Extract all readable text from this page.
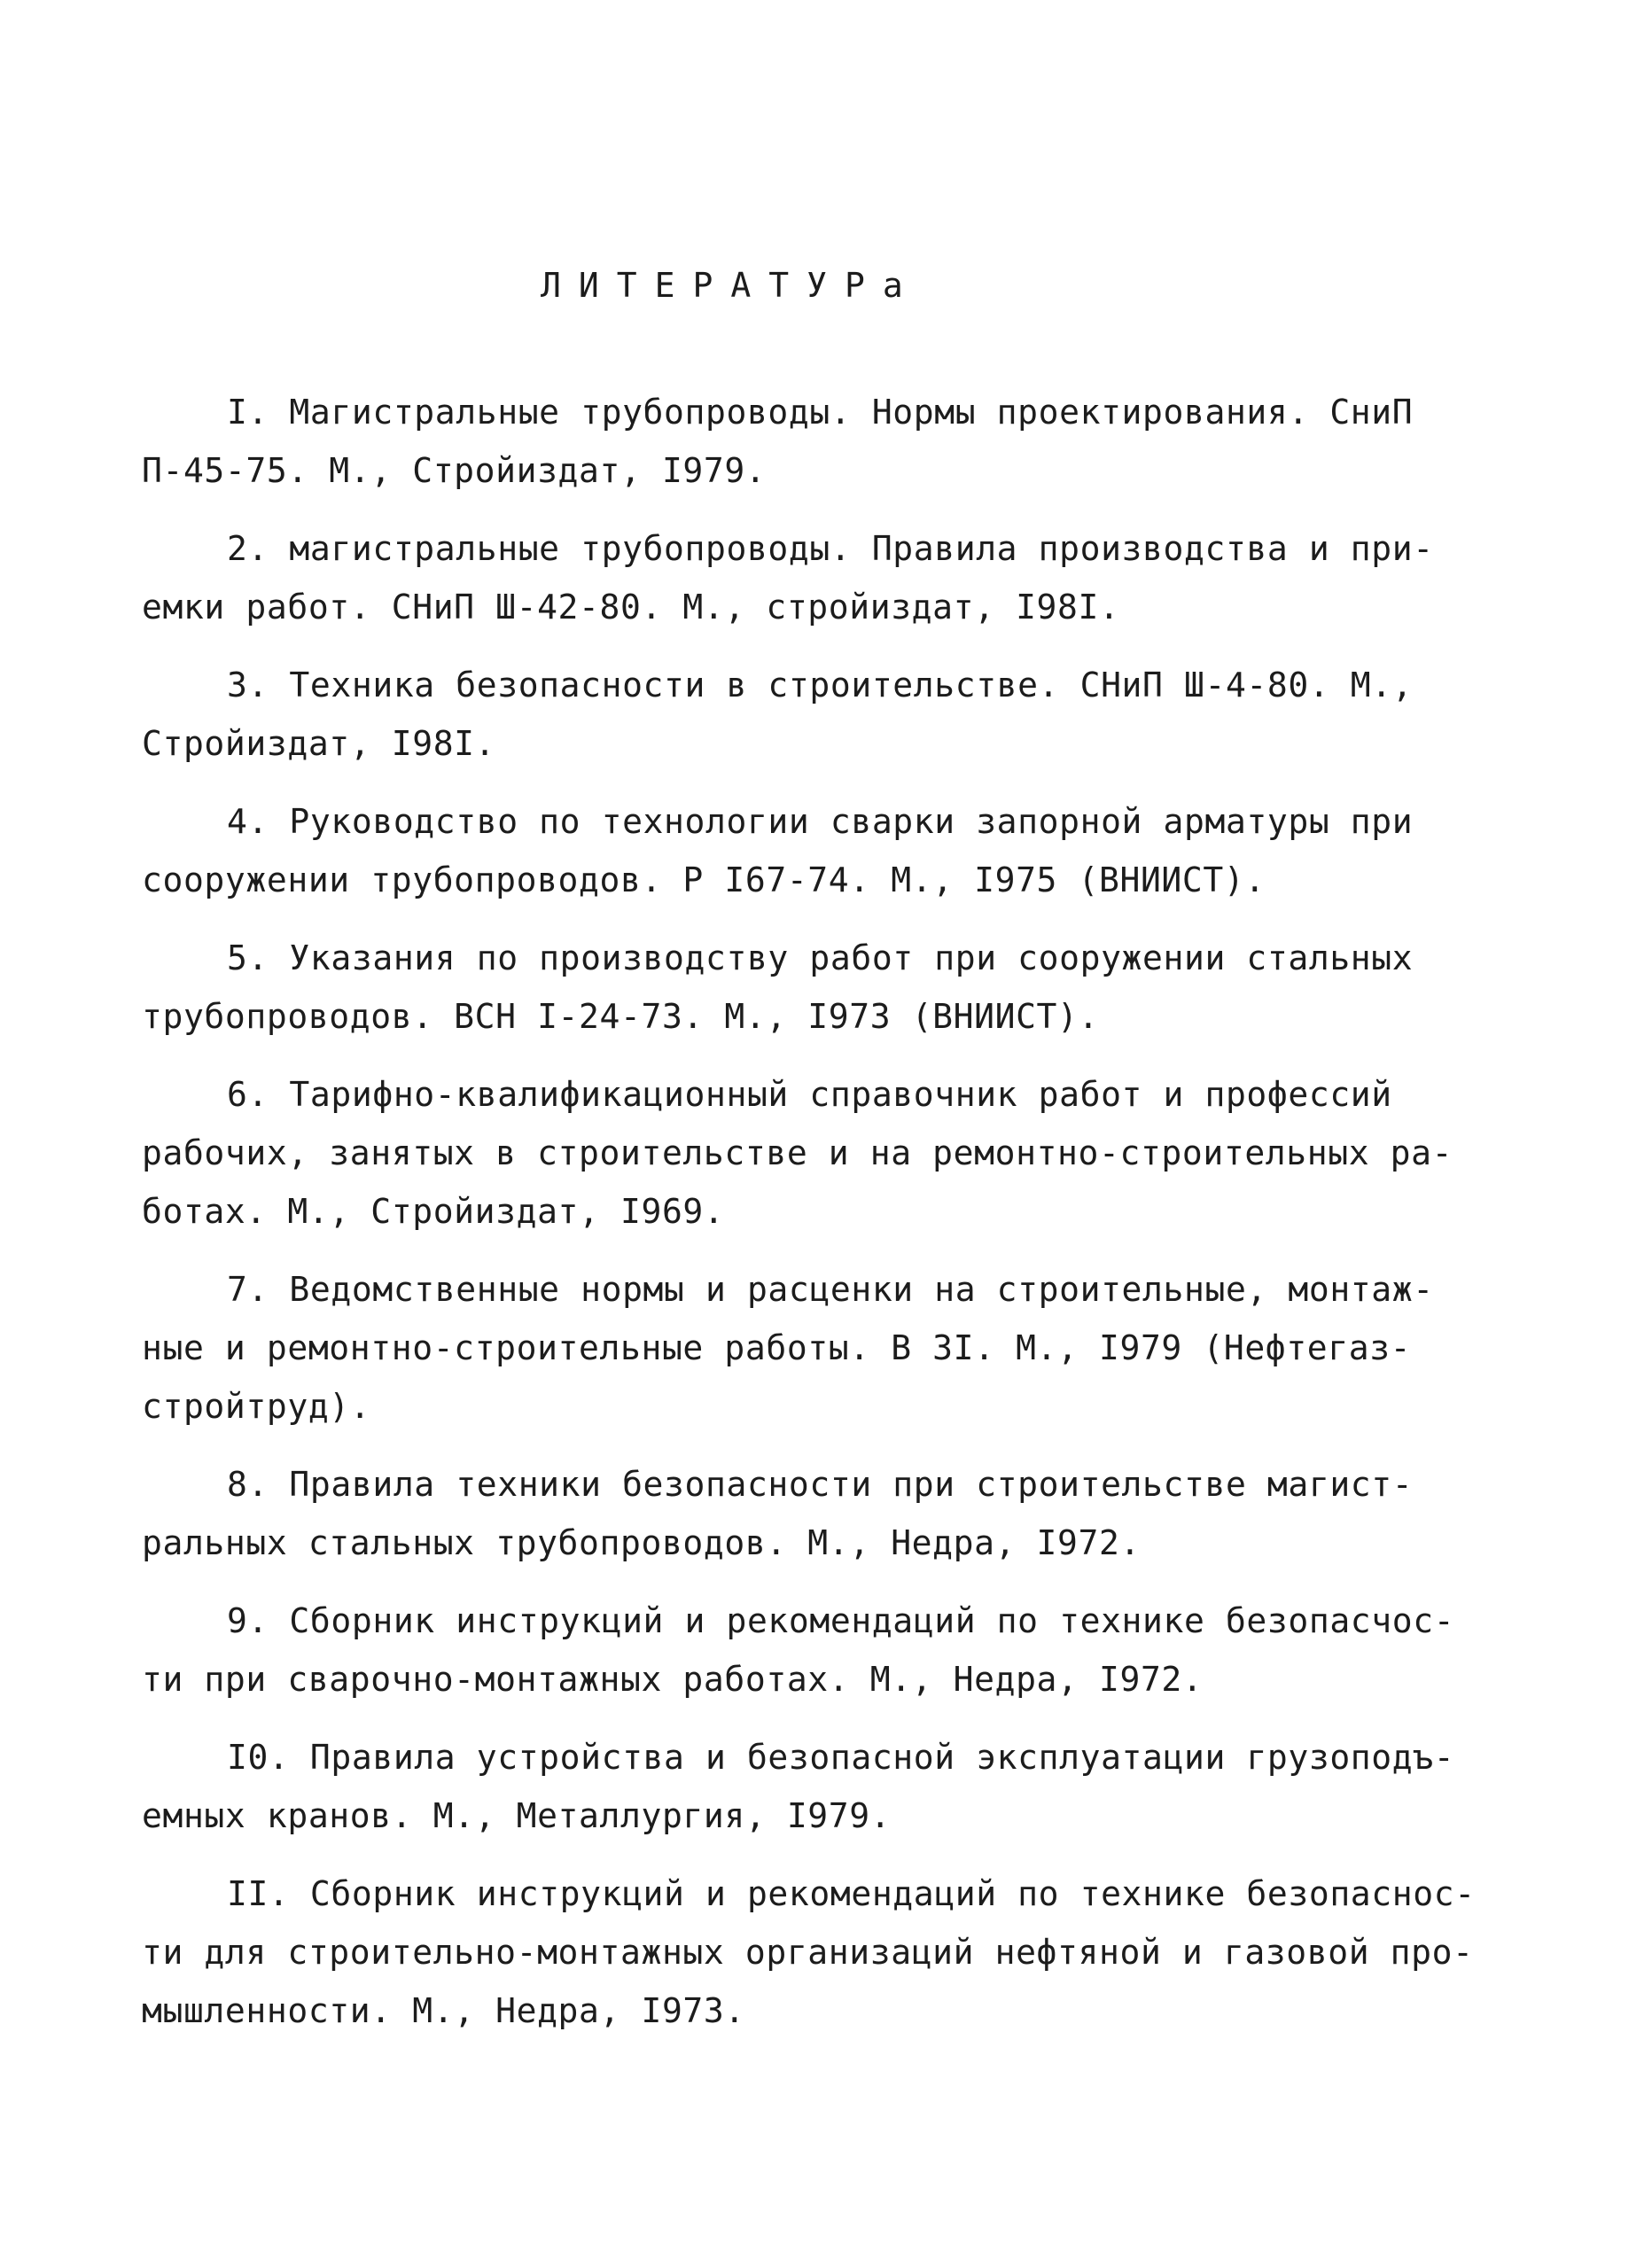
ЛИТЕРАТУРа
I. Магистральные трубопроводы. Нормы проектирования. СниП
П-45-75. М., Стройиздат, I979.
2. магистральные трубопроводы. Правила производства и при-
емки работ. СНиП Ш-42-80. М., стройиздат, I98I.
3. Техника безопасности в строительстве. СНиП Ш-4-80. М.,
Стройиздат, I98I.
4. Руководство по технологии сварки запорной арматуры при
сооружении трубопроводов. Р I67-74. М., I975 (ВНИИСТ).
5. Указания по производству работ при сооружении стальных
трубопроводов. ВСН I-24-73. М., I973 (ВНИИСТ).
6. Тарифно-квалификационный справочник работ и профессий
рабочих, занятых в строительстве и на ремонтно-строительных ра-
ботах. М., Стройиздат, I969.
7. Ведомственные нормы и расценки на строительные, монтаж-
ные и ремонтно-строительные работы. В 3I. М., I979 (Нефтегаз-
стройтруд).
8. Правила техники безопасности при строительстве магист-
ральных стальных трубопроводов. М., Недра, I972.
9. Сборник инструкций и рекомендаций по технике безопасчос-
ти при сварочно-монтажных работах. М., Недра, I972.
I0. Правила устройства и безопасной эксплуатации грузоподъ-
емных кранов. М., Металлургия, I979.
II. Сборник инструкций и рекомендаций по технике безопаснос-
ти для строительно-монтажных организаций нефтяной и газовой про-
мышленности. М., Недра, I973.
